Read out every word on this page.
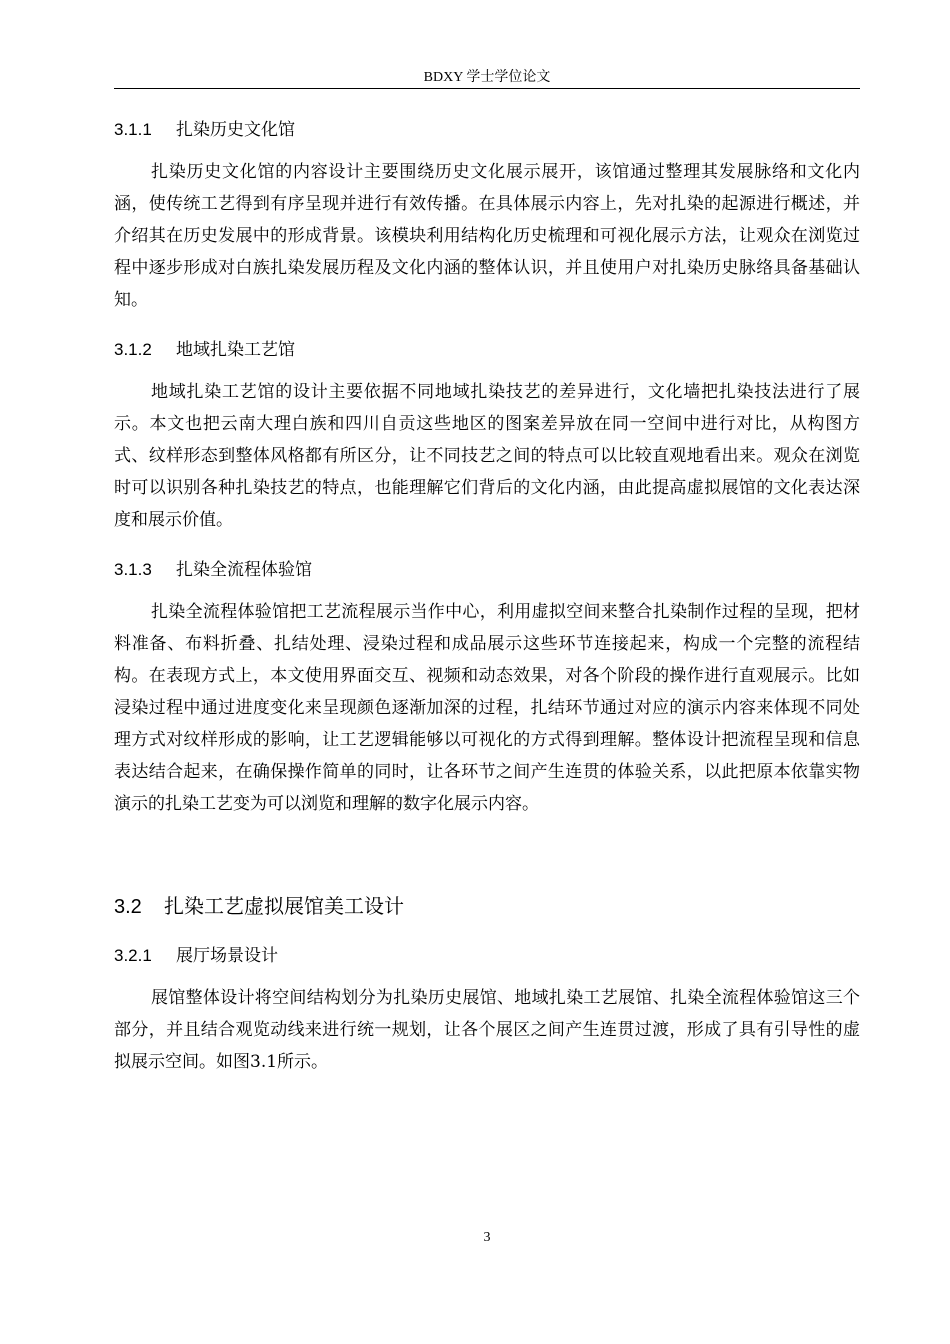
BDXY 学士学位论文
3.1.1 扎染历史文化馆

扎染历史文化馆的内容设计主要围绕历史文化展示展开，该馆通过整理其发展脉络和文化内涵，使传统工艺得到有序呈现并进行有效传播。在具体展示内容上，先对扎染的起源进行概述，并介绍其在历史发展中的形成背景。该模块利用结构化历史梳理和可视化展示方法，让观众在浏览过程中逐步形成对白族扎染发展历程及文化内涵的整体认识，并且使用户对扎染历史脉络具备基础认知。

3.1.2 地域扎染工艺馆

地域扎染工艺馆的设计主要依据不同地域扎染技艺的差异进行，文化墙把扎染技法进行了展示。本文也把云南大理白族和四川自贡这些地区的图案差异放在同一空间中进行对比，从构图方式、纹样形态到整体风格都有所区分，让不同技艺之间的特点可以比较直观地看出来。观众在浏览时可以识别各种扎染技艺的特点，也能理解它们背后的文化内涵，由此提高虚拟展馆的文化表达深度和展示价值。

3.1.3 扎染全流程体验馆

扎染全流程体验馆把工艺流程展示当作中心，利用虚拟空间来整合扎染制作过程的呈现，把材料准备、布料折叠、扎结处理、浸染过程和成品展示这些环节连接起来，构成一个完整的流程结构。在表现方式上，本文使用界面交互、视频和动态效果，对各个阶段的操作进行直观展示。比如浸染过程中通过进度变化来呈现颜色逐渐加深的过程，扎结环节通过对应的演示内容来体现不同处理方式对纹样形成的影响，让工艺逻辑能够以可视化的方式得到理解。整体设计把流程呈现和信息表达结合起来，在确保操作简单的同时，让各环节之间产生连贯的体验关系，以此把原本依靠实物演示的扎染工艺变为可以浏览和理解的数字化展示内容。

3.2 扎染工艺虚拟展馆美工设计
3.2.1 展厅场景设计

展馆整体设计将空间结构划分为扎染历史展馆、地域扎染工艺展馆、扎染全流程体验馆这三个部分，并且结合观览动线来进行统一规划，让各个展区之间产生连贯过渡，形成了具有引导性的虚拟展示空间。如图3.1所示。

3
